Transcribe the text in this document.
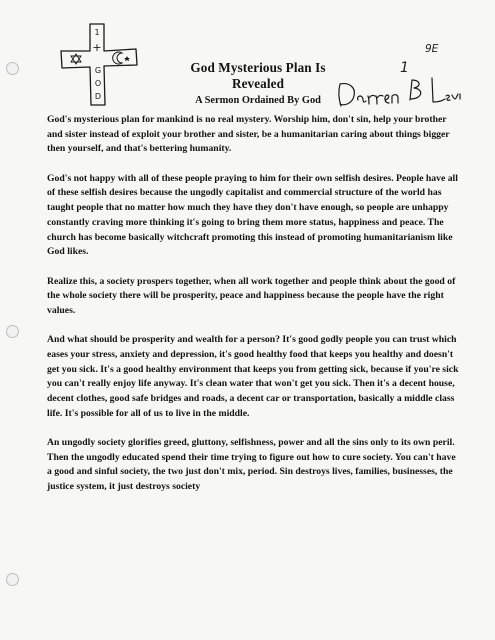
1
+
G
O
D
God Mysterious Plan Is
Revealed
A Sermon Ordained By God
9E
1
Darren B Lewis

God's mysterious plan for mankind is no real mystery. Worship him, don't sin, help your brother and sister instead of exploit your brother and sister, be a humanitarian caring about things bigger then yourself, and that's bettering humanity.

God's not happy with all of these people praying to him for their own selfish desires. People have all of these selfish desires because the ungodly capitalist and commercial structure of the world has taught people that no matter how much they have they don't have enough, so people are unhappy constantly craving more thinking it's going to bring them more status, happiness and peace. The church has become basically witchcraft promoting this instead of promoting humanitarianism like God likes.

Realize this, a society prospers together, when all work together and people think about the good of the whole society there will be prosperity, peace and happiness because the people have the right values.

And what should be prosperity and wealth for a person? It's good godly people you can trust which eases your stress, anxiety and depression, it's good healthy food that keeps you healthy and doesn't get you sick. It's a good healthy environment that keeps you from getting sick, because if you're sick you can't really enjoy life anyway. It's clean water that won't get you sick. Then it's a decent house, decent clothes, good safe bridges and roads, a decent car or transportation, basically a middle class life. It's possible for all of us to live in the middle.

An ungodly society glorifies greed, gluttony, selfishness, power and all the sins only to its own peril. Then the ungodly educated spend their time trying to figure out how to cure society. You can't have a good and sinful society, the two just don't mix, period. Sin destroys lives, families, businesses, the justice system, it just destroys society
